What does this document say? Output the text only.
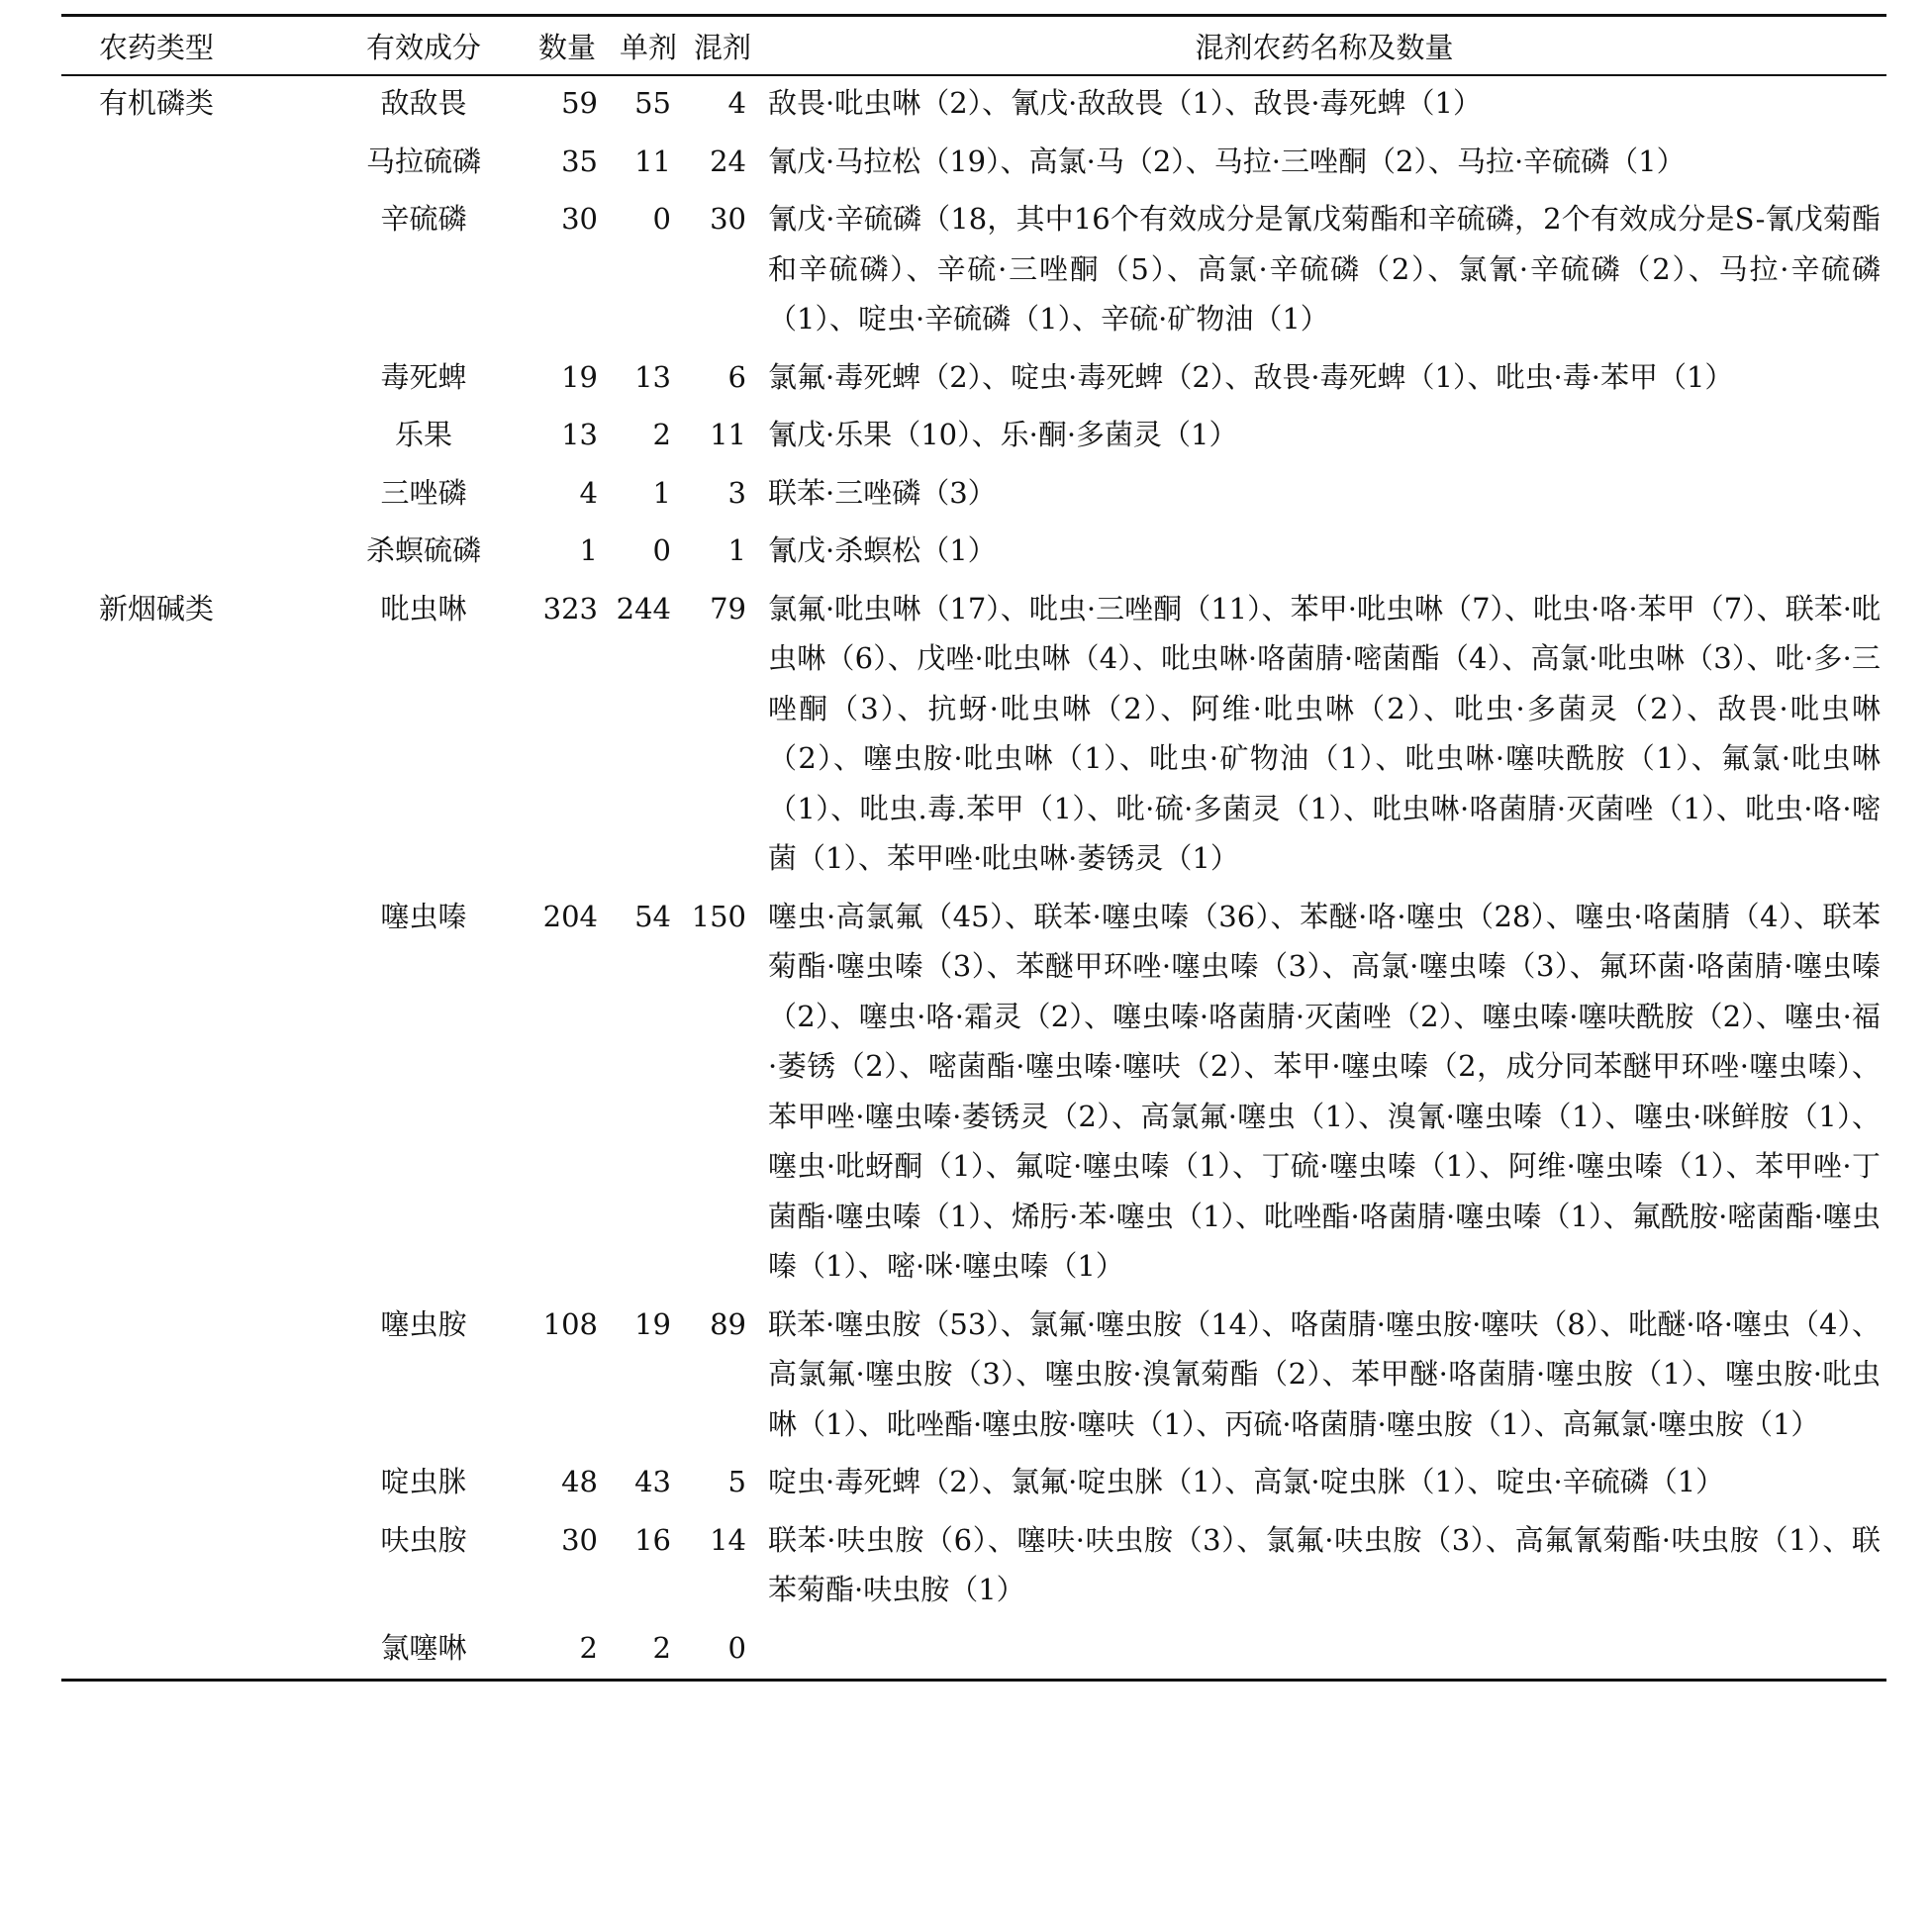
农药类型	有效成分	数量	单剂	混剂	混剂农药名称及数量
有机磷类	敌敌畏	59	55	4	敌畏·吡虫啉（2）、氰戊·敌敌畏（1）、敌畏·毒死蜱（1）
	马拉硫磷	35	11	24	氰戊·马拉松（19）、高氯·马（2）、马拉·三唑酮（2）、马拉·辛硫磷（1）
	辛硫磷	30	0	30	氰戊·辛硫磷（18，其中16个有效成分是氰戊菊酯和辛硫磷，2个有效成分是S-氰戊菊酯和辛硫磷）、辛硫·三唑酮（5）、高氯·辛硫磷（2）、氯氰·辛硫磷（2）、马拉·辛硫磷（1）、啶虫·辛硫磷（1）、辛硫·矿物油（1）
	毒死蜱	19	13	6	氯氟·毒死蜱（2）、啶虫·毒死蜱（2）、敌畏·毒死蜱（1）、吡虫·毒·苯甲（1）
	乐果	13	2	11	氰戊·乐果（10）、乐·酮·多菌灵（1）
	三唑磷	4	1	3	联苯·三唑磷（3）
	杀螟硫磷	1	0	1	氰戊·杀螟松（1）
新烟碱类	吡虫啉	323	244	79	氯氟·吡虫啉（17）、吡虫·三唑酮（11）、苯甲·吡虫啉（7）、吡虫·咯·苯甲（7）、联苯·吡虫啉（6）、戊唑·吡虫啉（4）、吡虫啉·咯菌腈·嘧菌酯（4）、高氯·吡虫啉（3）、吡·多·三唑酮（3）、抗蚜·吡虫啉（2）、阿维·吡虫啉（2）、吡虫·多菌灵（2）、敌畏·吡虫啉（2）、噻虫胺·吡虫啉（1）、吡虫·矿物油（1）、吡虫啉·噻呋酰胺（1）、氟氯·吡虫啉（1）、吡虫.毒.苯甲（1）、吡·硫·多菌灵（1）、吡虫啉·咯菌腈·灭菌唑（1）、吡虫·咯·嘧菌（1）、苯甲唑·吡虫啉·萎锈灵（1）
	噻虫嗪	204	54	150	噻虫·高氯氟（45）、联苯·噻虫嗪（36）、苯醚·咯·噻虫（28）、噻虫·咯菌腈（4）、联苯菊酯·噻虫嗪（3）、苯醚甲环唑·噻虫嗪（3）、高氯·噻虫嗪（3）、氟环菌·咯菌腈·噻虫嗪（2）、噻虫·咯·霜灵（2）、噻虫嗪·咯菌腈·灭菌唑（2）、噻虫嗪·噻呋酰胺（2）、噻虫·福·萎锈（2）、嘧菌酯·噻虫嗪·噻呋（2）、苯甲·噻虫嗪（2，成分同苯醚甲环唑·噻虫嗪）、苯甲唑·噻虫嗪·萎锈灵（2）、高氯氟·噻虫（1）、溴氰·噻虫嗪（1）、噻虫·咪鲜胺（1）、噻虫·吡蚜酮（1）、氟啶·噻虫嗪（1）、丁硫·噻虫嗪（1）、阿维·噻虫嗪（1）、苯甲唑·丁菌酯·噻虫嗪（1）、烯肟·苯·噻虫（1）、吡唑酯·咯菌腈·噻虫嗪（1）、氟酰胺·嘧菌酯·噻虫嗪（1）、嘧·咪·噻虫嗪（1）
	噻虫胺	108	19	89	联苯·噻虫胺（53）、氯氟·噻虫胺（14）、咯菌腈·噻虫胺·噻呋（8）、吡醚·咯·噻虫（4）、高氯氟·噻虫胺（3）、噻虫胺·溴氰菊酯（2）、苯甲醚·咯菌腈·噻虫胺（1）、噻虫胺·吡虫啉（1）、吡唑酯·噻虫胺·噻呋（1）、丙硫·咯菌腈·噻虫胺（1）、高氟氯·噻虫胺（1）
	啶虫脒	48	43	5	啶虫·毒死蜱（2）、氯氟·啶虫脒（1）、高氯·啶虫脒（1）、啶虫·辛硫磷（1）
	呋虫胺	30	16	14	联苯·呋虫胺（6）、噻呋·呋虫胺（3）、氯氟·呋虫胺（3）、高氟氰菊酯·呋虫胺（1）、联苯菊酯·呋虫胺（1）
	氯噻啉	2	2	0	
